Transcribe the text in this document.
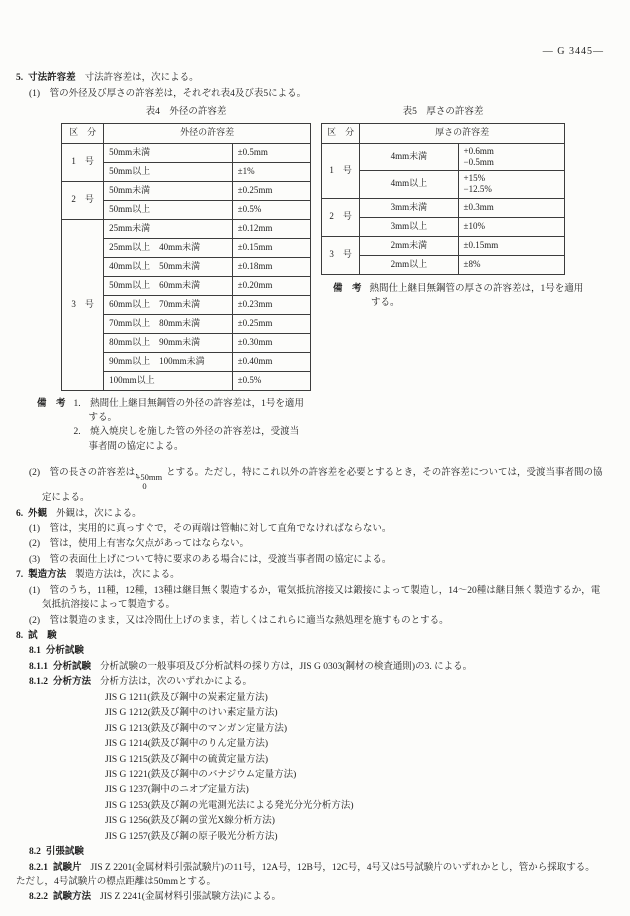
— G 3445—
5. 寸法許容差 寸法許容差は，次による。
(1)　管の外径及び厚さの許容差は，それぞれ表4及び表5による。
表4　外径の許容差
区　分	外径の許容差	
1　号	50mm未満	±0.5mm
	50mm以上	±1%
2　号	50mm未満	±0.25mm
	50mm以上	±0.5%
3　号	25mm未満	±0.12mm
	25mm以上　40mm未満	±0.15mm
	40mm以上　50mm未満	±0.18mm
	50mm以上　60mm未満	±0.20mm
	60mm以上　70mm未満	±0.23mm
	70mm以上　80mm未満	±0.25mm
	80mm以上　90mm未満	±0.30mm
	90mm以上　100mm未満	±0.40mm
	100mm以上	±0.5%
備　考 1.　熱間仕上継目無鋼管の外径の許容差は，1号を適用する。
2.　焼入焼戻しを施した管の外径の許容差は，受渡当事者間の協定による。
表5　厚さの許容差
区　分	厚さの許容差	
1　号	4mm未満	+0.6mm
−0.5mm

	4mm以上	+15%
−12.5%

2　号	3mm未満	±0.3mm

	3mm以上	±10%

3　号	2mm未満	±0.15mm

	2mm以上	±8%
備　考 熱間仕上継目無鋼管の厚さの許容差は，1号を適用する。
(2)　管の長さの許容差は，
+50mm
0
とする。ただし，特にこれ以外の許容差を必要とするとき，その許容差については，受渡当事者間の協定による。
6. 外観 外観は，次による。
(1)　管は，実用的に真っすぐで，その両端は管軸に対して直角でなければならない。
(2)　管は，使用上有害な欠点があってはならない。
(3)　管の表面仕上げについて特に要求のある場合には，受渡当事者間の協定による。
7. 製造方法 製造方法は，次による。
(1)　管のうち，11種，12種，13種は継目無く製造するか，電気抵抗溶接又は鍛接によって製造し，14～20種は継目無く製造するか，電気抵抗溶接によって製造する。
(2)　管は製造のまま，又は冷間仕上げのまま，若しくはこれらに適当な熱処理を施すものとする。
8. 試　験
8.1 分析試験
8.1.1 分析試験 分析試験の一般事項及び分析試料の採り方は，JIS G 0303(鋼材の検査通則)の3. による。
8.1.2 分析方法 分析方法は，次のいずれかによる。
JIS G 1211(鉄及び鋼中の炭素定量方法)
JIS G 1212(鉄及び鋼中のけい素定量方法)
JIS G 1213(鉄及び鋼中のマンガン定量方法)
JIS G 1214(鉄及び鋼中のりん定量方法)
JIS G 1215(鉄及び鋼中の硫黄定量方法)
JIS G 1221(鉄及び鋼中のバナジウム定量方法)
JIS G 1237(鋼中のニオブ定量方法)
JIS G 1253(鉄及び鋼の光電測光法による発光分光分析方法)
JIS G 1256(鉄及び鋼の蛍光X線分析方法)
JIS G 1257(鉄及び鋼の原子吸光分析方法)
8.2 引張試験
8.2.1 試験片 JIS Z 2201(金属材料引張試験片)の11号，12A号，12B号，12C号，4号又は5号試験片のいずれかとし，管から採取する。ただし，4号試験片の標点距離は50mmとする。
8.2.2 試験方法 JIS Z 2241(金属材料引張試験方法)による。
